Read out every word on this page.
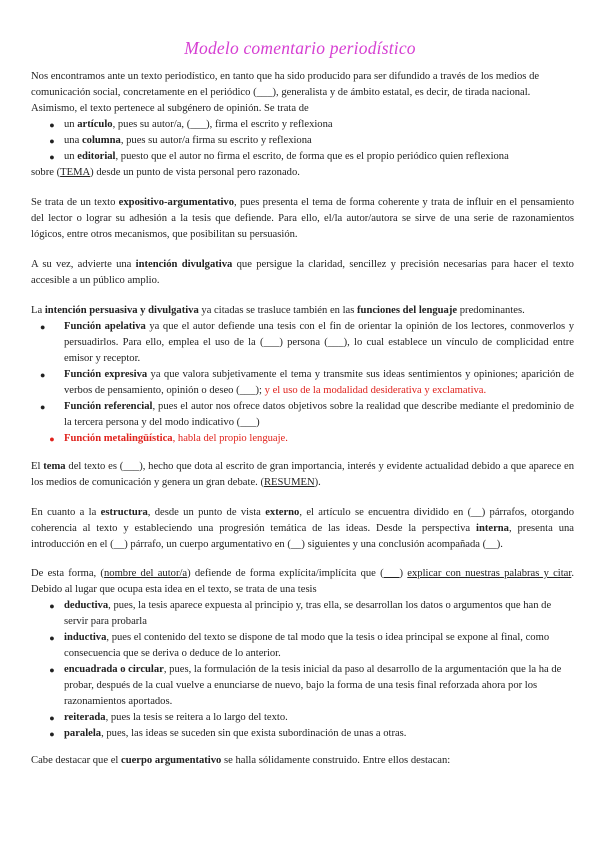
Modelo comentario periodístico
Nos encontramos ante un texto periodístico, en tanto que ha sido producido para ser difundido a través de los medios de
comunicación social, concretamente en el periódico (___), generalista y de ámbito estatal, es decir, de tirada nacional.
Asimismo, el texto pertenece al subgénero de opinión. Se trata de
● un artículo, pues su autor/a, (___), firma el escrito y reflexiona
● una columna, pues su autor/a firma su escrito y reflexiona
● un editorial, puesto que el autor no firma el escrito, de forma que es el propio periódico quien reflexiona
sobre (TEMA) desde un punto de vista personal pero razonado.
Se trata de un texto expositivo-argumentativo, pues presenta el tema de forma coherente y trata de influir en el pensamiento del lector o lograr su adhesión a la tesis que defiende. Para ello, el/la autor/autora se sirve de una serie de razonamientos lógicos, entre otros mecanismos, que posibilitan su persuasión.
A su vez, advierte una intención divulgativa que persigue la claridad, sencillez y precisión necesarias para hacer el texto accesible a un público amplio.
La intención persuasiva y divulgativa ya citadas se trasluce también en las funciones del lenguaje predominantes.
●	Función apelativa ya que el autor defiende una tesis con el fin de orientar la opinión de los lectores, conmoverlos y persuadirlos. Para ello, emplea el uso de la (___) persona (___), lo cual establece un vínculo de complicidad entre emisor y receptor.
●	Función expresiva ya que valora subjetivamente el tema y transmite sus ideas sentimientos y opiniones; aparición de verbos de pensamiento, opinión o deseo (___); y el uso de la modalidad desiderativa y exclamativa.
●	Función referencial, pues el autor nos ofrece datos objetivos sobre la realidad que describe mediante el predominio de la tercera persona y del modo indicativo (___)
● Función metalingüística, habla del propio lenguaje.
El tema del texto es (___), hecho que dota al escrito de gran importancia, interés y evidente actualidad debido a que aparece en los medios de comunicación y genera un gran debate. (RESUMEN).
En cuanto a la estructura, desde un punto de vista externo, el artículo se encuentra dividido en (__) párrafos, otorgando coherencia al texto y estableciendo una progresión temática de las ideas. Desde la perspectiva interna, presenta una introducción en el (__) párrafo, un cuerpo argumentativo en (__) siguientes y una conclusión acompañada (__).
De esta forma, (nombre del autor/a) defiende de forma explícita/implícita que (___) explicar con nuestras palabras y citar. Debido al lugar que ocupa esta idea en el texto, se trata de una tesis
● deductiva, pues, la tesis aparece expuesta al principio y, tras ella, se desarrollan los datos o argumentos que han de servir para probarla
● inductiva, pues el contenido del texto se dispone de tal modo que la tesis o idea principal se expone al final, como consecuencia que se deriva o deduce de lo anterior.
● encuadrada o circular, pues, la formulación de la tesis inicial da paso al desarrollo de la argumentación que la ha de probar, después de la cual vuelve a enunciarse de nuevo, bajo la forma de una tesis final reforzada ahora por los razonamientos aportados.
● reiterada, pues la tesis se reitera a lo largo del texto.
● paralela, pues, las ideas se suceden sin que exista subordinación de unas a otras.
Cabe destacar que el cuerpo argumentativo se halla sólidamente construido. Entre ellos destacan:
